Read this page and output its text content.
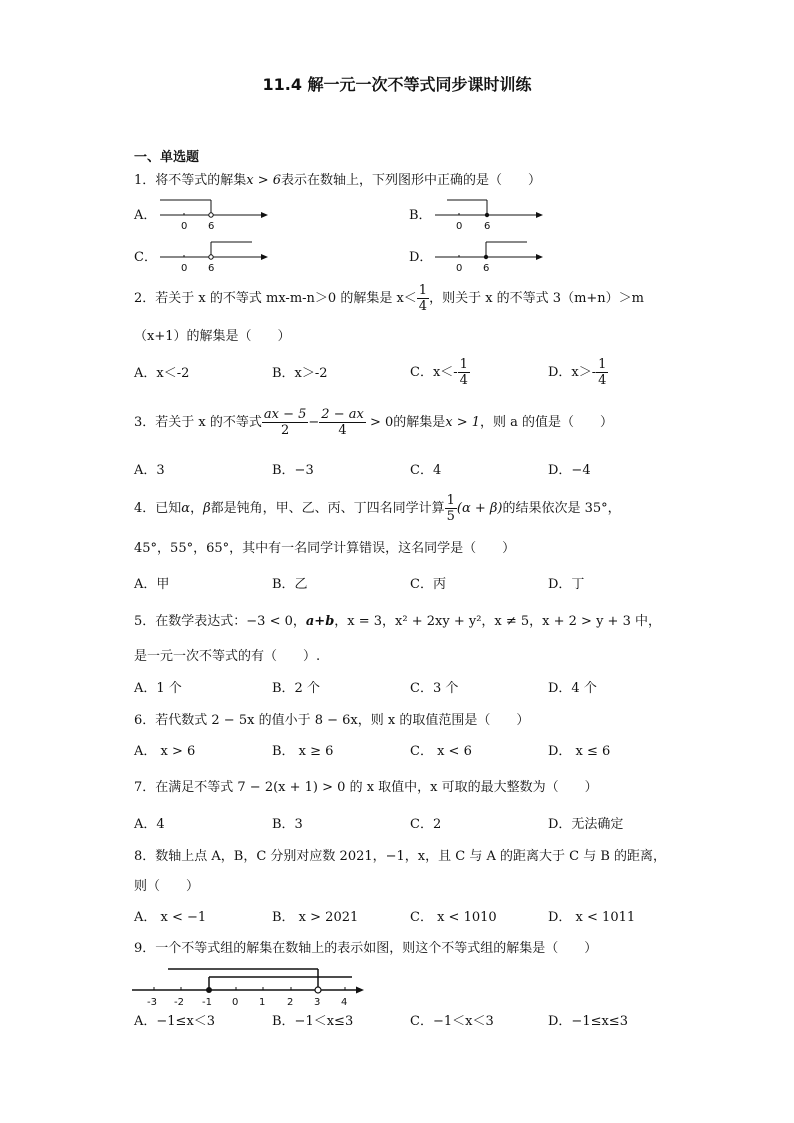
11.4 解一元一次不等式同步课时训练
一、单选题
1．将不等式的解集x > 6表示在数轴上，下列图形中正确的是（　　）
A．
0 6
B．
0 6
C．
0 6
D．
0 6
2．若关于 x 的不等式 mx-m-n＞0 的解集是 $x< \frac{1}{4}$ ，则关于 x 的不等式 3（m+n）＞m
（x+1）的解集是（　　）
A．x＜-2	B．x＞-2	C．$x<- \frac{1}{4}$	D．$x>- \frac{1}{4}$
3．若关于 x 的不等式 $\frac{ax - 5}{2} - \frac{2 - ax}{4} > 0$的解集是x > 1，则 a 的值是（　　）
A．3	B．−3	C．4	D．−4
4．已知α，β都是钝角，甲、乙、丙、丁四名同学计算 $\frac{1}{5} (\alpha + \beta)$的结果依次是 35°，
45°，55°，65°，其中有一名同学计算错误，这名同学是（　　）
A．甲	B．乙	C．丙	D．丁
5．在数学表达式：−3 < 0，a+b，x = 3，x² + 2xy + y²，x ≠ 5，x + 2 > y + 3 中，
是一元一次不等式的有（　　）.
A．1 个	B．2 个	C．3 个	D．4 个
6．若代数式 2 − 5x 的值小于 8 − 6x，则 x 的取值范围是（　　）
A． x > 6	B． x ≥ 6	C． x < 6	D． x ≤ 6
7．在满足不等式 7 − 2(x + 1) > 0 的 x 取值中，x 可取的最大整数为（　　）
A．4	B．3	C．2	D．无法确定
8．数轴上点 A，B，C 分别对应数 2021，−1，x，且 C 与 A 的距离大于 C 与 B 的距离，
则（　　）
A． x < −1	B． x > 2021	C． x < 1010	D． x < 1011
9．一个不等式组的解集在数轴上的表示如图，则这个不等式组的解集是（　　）
-3 -2 -1 0 1 2 3 4
A．−1≤x＜3	B．−1＜x≤3	C．−1＜x＜3	D．−1≤x≤3
